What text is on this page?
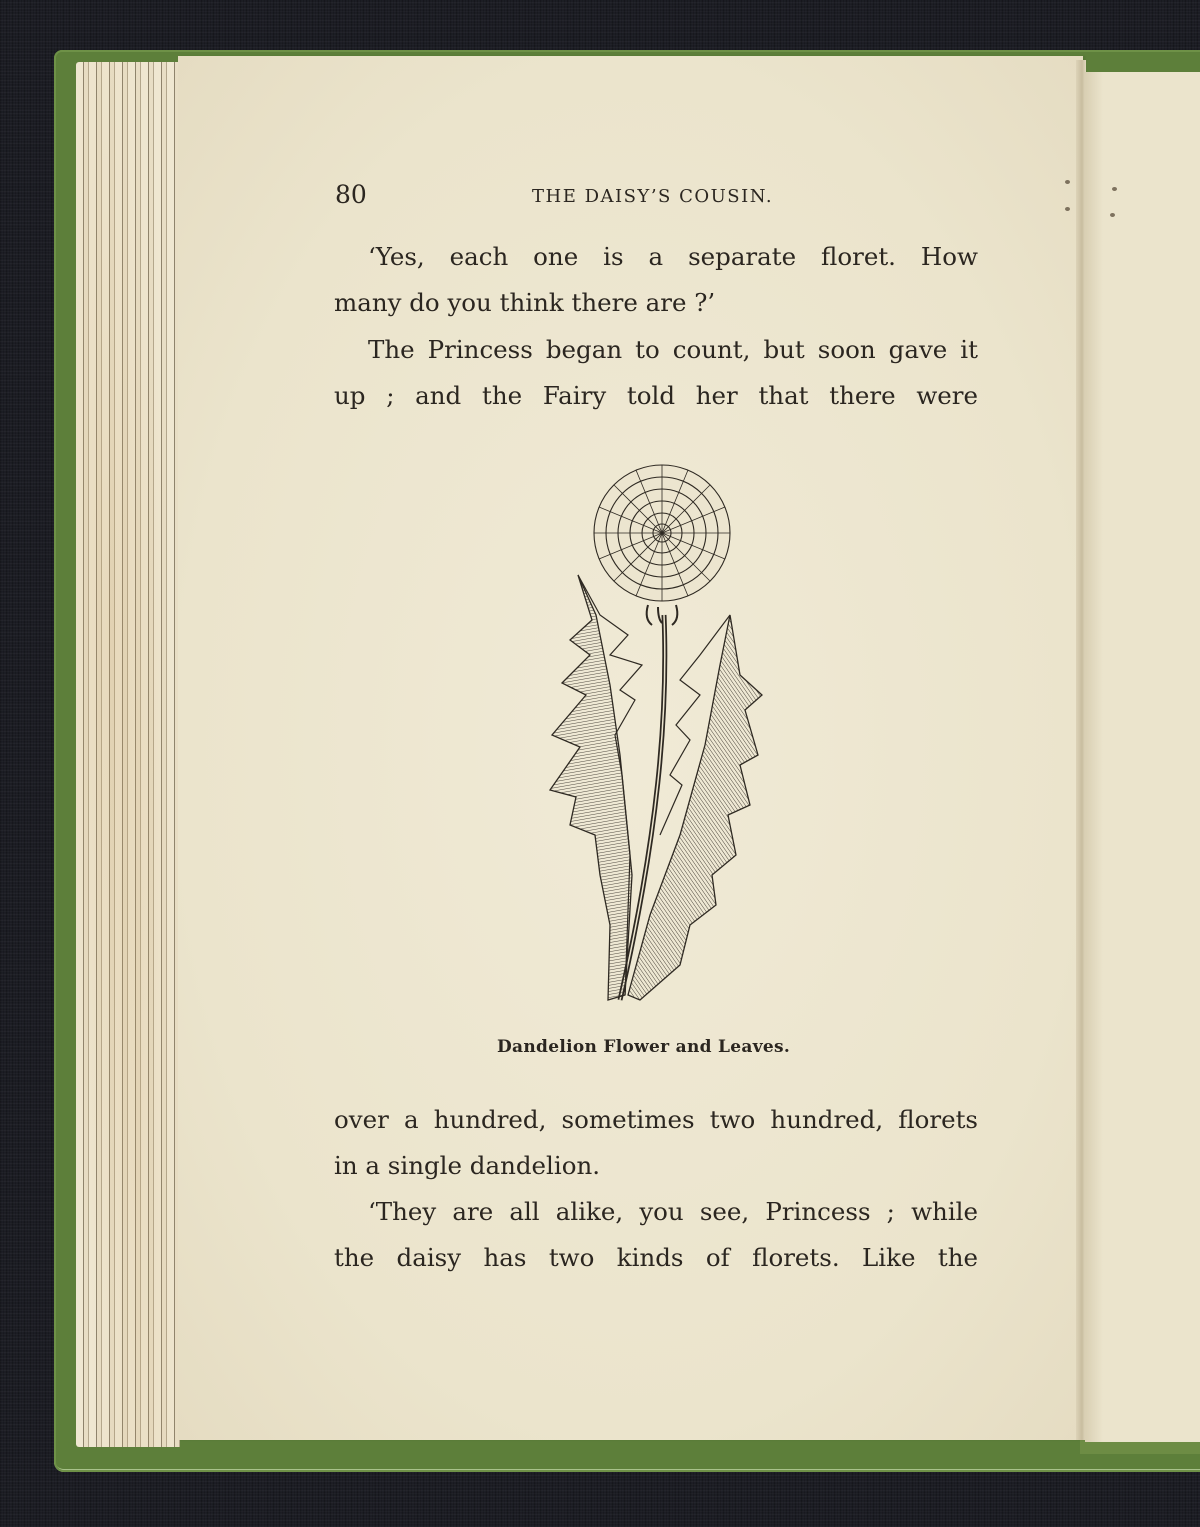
80	THE DAISY’S COUSIN.
‘Yes, each one is a separate floret. How
many do you think there are ?’
The Princess began to count, but soon gave it
up ; and the Fairy told her that there were
Dandelion Flower and Leaves.
over a hundred, sometimes two hundred, florets
in a single dandelion.
‘They are all alike, you see, Princess ; while
the daisy has two kinds of florets. Like the
